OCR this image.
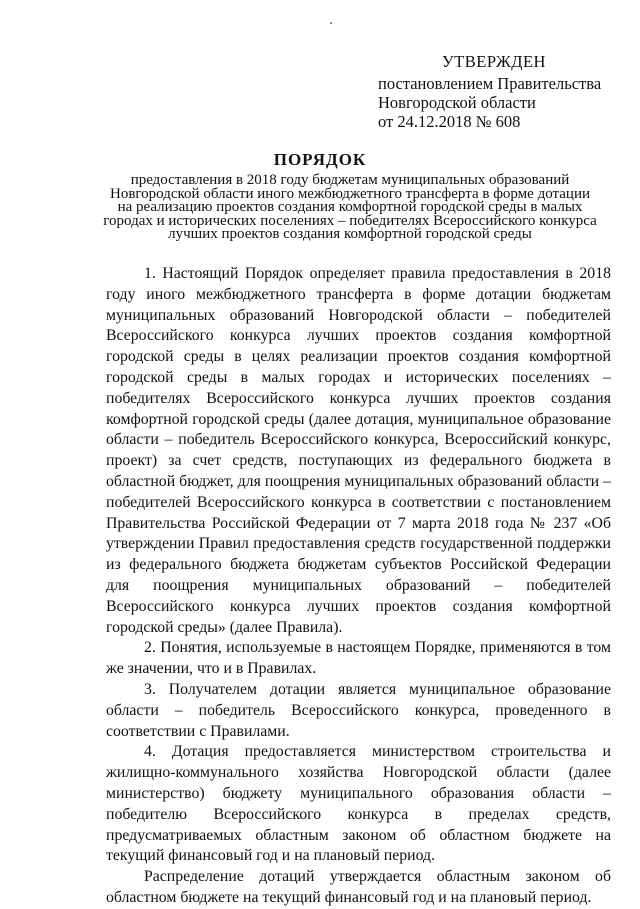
УТВЕРЖДЕН
постановлением Правительства
Новгородской области
от 24.12.2018 № 608
ПОРЯДОК
предоставления в 2018 году бюджетам муниципальных образований
Новгородской области иного межбюджетного трансферта в форме дотации
на реализацию проектов создания комфортной городской среды в малых
городах и исторических поселениях – победителях Всероссийского конкурса
лучших проектов создания комфортной городской среды

1. Настоящий Порядок определяет правила предоставления в 2018 году иного межбюджетного трансферта в форме дотации бюджетам муниципальных образований Новгородской области – победителей Всероссийского конкурса лучших проектов создания комфортной городской среды в целях реализации проектов создания комфортной городской среды в малых городах и исторических поселениях – победителях Всероссийского конкурса лучших проектов создания комфортной городской среды (далее дотация, муниципальное образование области – победитель Всероссийского конкурса, Всероссийский конкурс, проект) за счет средств, поступающих из федерального бюджета в областной бюджет, для поощрения муниципальных образований области – победителей Всероссийского конкурса в соответствии с постановлением Правительства Российской Федерации от 7 марта 2018 года № 237 «Об утверждении Правил предоставления средств государственной поддержки из федерального бюджета бюджетам субъектов Российской Федерации для поощрения муниципальных образований – победителей Всероссийского конкурса лучших проектов создания комфортной городской среды» (далее Правила).

2. Понятия, используемые в настоящем Порядке, применяются в том же значении, что и в Правилах.

3. Получателем дотации является муниципальное образование области – победитель Всероссийского конкурса, проведенного в соответствии с Правилами.

4. Дотация предоставляется министерством строительства и жилищно-коммунального хозяйства Новгородской области (далее министерство) бюджету муниципального образования области – победителю Всероссийского конкурса в пределах средств, предусматриваемых областным законом об областном бюджете на текущий финансовый год и на плановый период.

Распределение дотаций утверждается областным законом об областном бюджете на текущий финансовый год и на плановый период.
